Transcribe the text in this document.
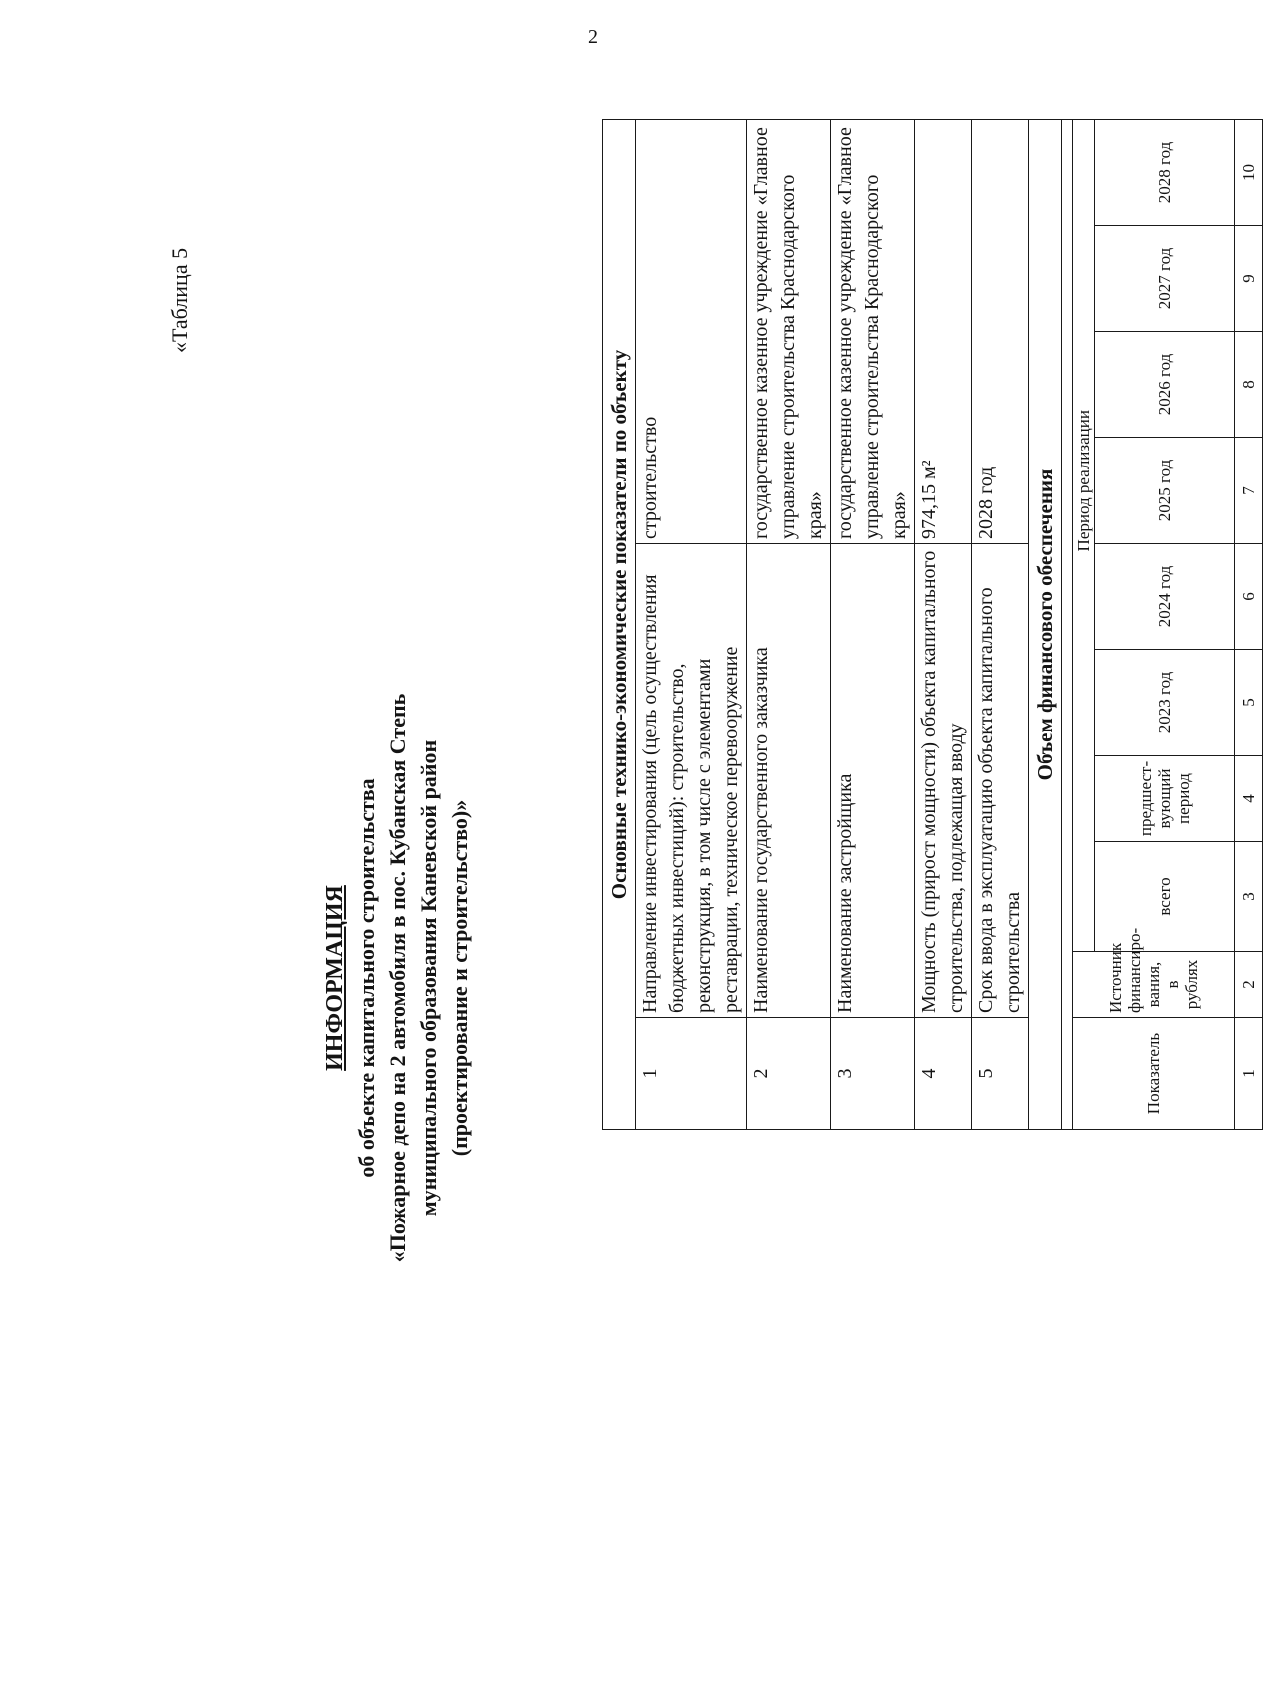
2
«Таблица 5
ИНФОРМАЦИЯ об объекте капитального строительства «Пожарное депо на 2 автомобиля в пос. Кубанская Степь муниципального образования Каневской район (проектирование и строительство)»
Основные технико-экономические показатели по объекту									
1	Направление инвестирования (цель осуществления бюджетных инвестиций): строительство, реконструкция, в том числе с элементами реставрации, техническое перевооружение					строительство			
2	Наименование государственного заказчика					государственное казенное учреждение «Главное управление строительства Краснодарского края»			
3	Наименование застройщика					государственное казенное учреждение «Главное управление строительства Краснодарского края»			
4	Мощность (прирост мощности) объекта капитального строительства, подлежащая вводу					974,15 м²			
5	Срок ввода в эксплуатацию объекта капитального строительства					2028 год			
Объем финансового обеспечения									

Показатель	Источник финансиро-вания, в рублях		Период реализации						
		всего	предшест-вующий период	2023 год	2024 год	2025 год	2026 год	2027 год	2028 год
1	2	3	4	5	6	7	8	9	10
